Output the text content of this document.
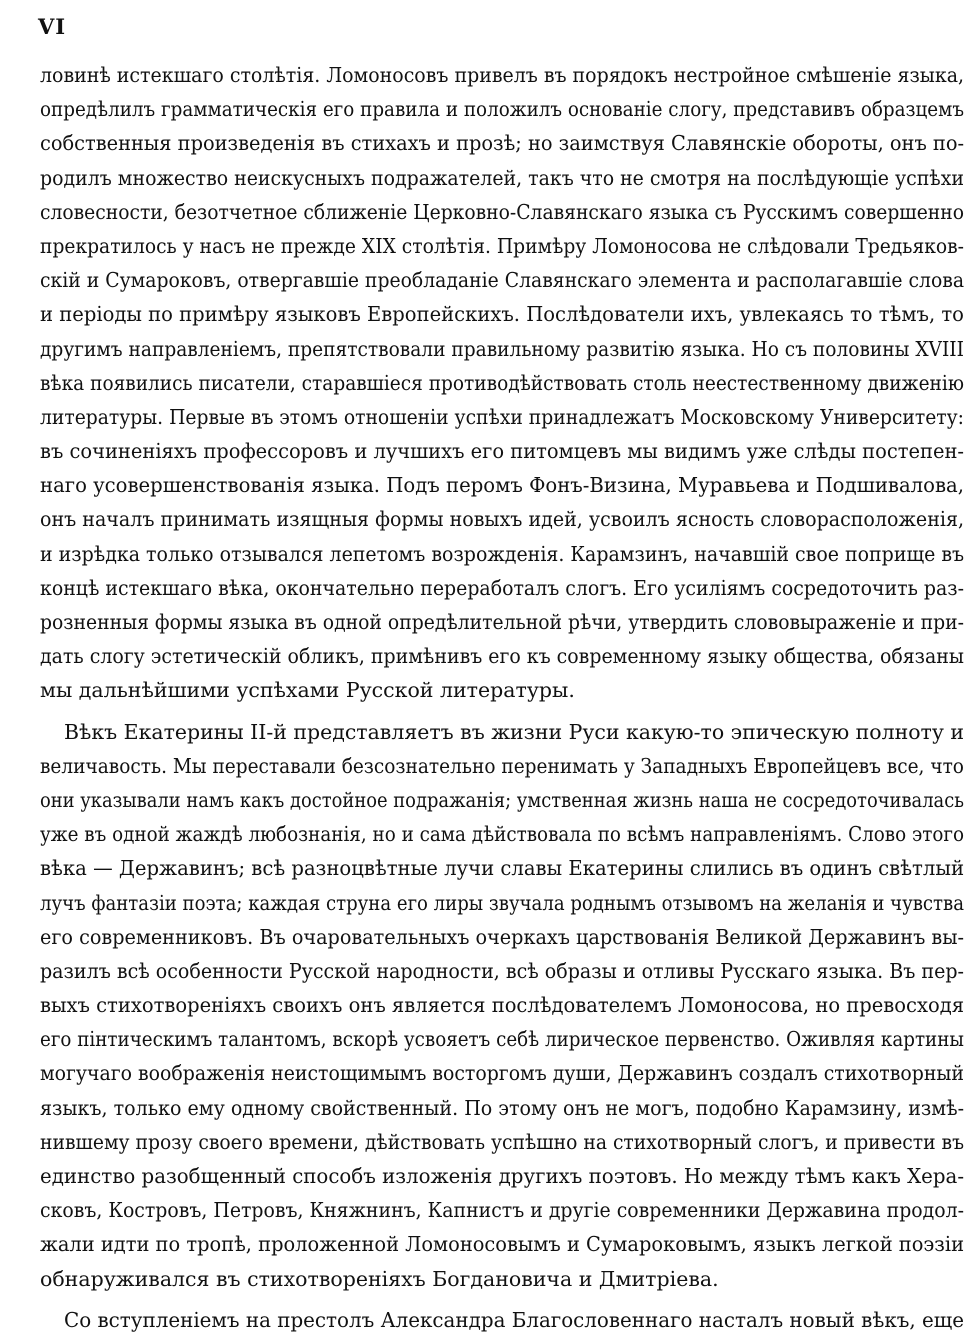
VI
ловинѣ истекшаго столѣтія. Ломоносовъ привелъ въ порядокъ нестройное смѣшеніе языка,
опредѣлилъ грамматическія его правила и положилъ основаніе слогу, представивъ образцемъ
собственныя произведенія въ стихахъ и прозѣ; но заимствуя Славянскіе обороты, онъ по-
родилъ множество неискусныхъ подражателей, такъ что не смотря на послѣдующіе успѣхи
словесности, безотчетное сближеніе Церковно-Славянскаго языка съ Русскимъ совершенно
прекратилось у насъ не прежде XIX столѣтія. Примѣру Ломоносова не слѣдовали Тредьяков-
скій и Сумароковъ, отвергавшіе преобладаніе Славянскаго элемента и располагавшіе слова
и періоды по примѣру языковъ Европейскихъ. Послѣдователи ихъ, увлекаясь то тѣмъ, то
другимъ направленіемъ, препятствовали правильному развитію языка. Но съ половины XVIII
вѣка появились писатели, старавшіеся противодѣйствовать столь неестественному движенію
литературы. Первые въ этомъ отношеніи успѣхи принадлежатъ Московскому Университету:
въ сочиненіяхъ профессоровъ и лучшихъ его питомцевъ мы видимъ уже слѣды постепен-
наго усовершенствованія языка. Подъ перомъ Фонъ-Визина, Муравьева и Подшивалова,
онъ началъ принимать изящныя формы новыхъ идей, усвоилъ ясность словорасположенія,
и изрѣдка только отзывался лепетомъ возрожденія. Карамзинъ, начавшій свое поприще въ
концѣ истекшаго вѣка, окончательно переработалъ слогъ. Его усиліямъ сосредоточить раз-
розненныя формы языка въ одной опредѣлительной рѣчи, утвердить слововыраженіе и при-
дать слогу эстетическій обликъ, примѣнивъ его къ современному языку общества, обязаны
мы дальнѣйшими успѣхами Русской литературы.
Вѣкъ Екатерины II-й представляетъ въ жизни Руси какую-то эпическую полноту и
величавость. Мы переставали безсознательно перенимать у Западныхъ Европейцевъ все, что
они указывали намъ какъ достойное подражанія; умственная жизнь наша не сосредоточивалась
уже въ одной жаждѣ любознанія, но и сама дѣйствовала по всѣмъ направленіямъ. Слово этого
вѣка — Державинъ; всѣ разноцвѣтные лучи славы Екатерины слились въ одинъ свѣтлый
лучъ фантазіи поэта; каждая струна его лиры звучала роднымъ отзывомъ на желанія и чувства
его современниковъ. Въ очаровательныхъ очеркахъ царствованія Великой Державинъ вы-
разилъ всѣ особенности Русской народности, всѣ образы и отливы Русскаго языка. Въ пер-
выхъ стихотвореніяхъ своихъ онъ является послѣдователемъ Ломоносова, но превосходя
его пінтическимъ талантомъ, вскорѣ усвояетъ себѣ лирическое первенство. Оживляя картины
могучаго воображенія неистощимымъ восторгомъ души, Державинъ создалъ стихотворный
языкъ, только ему одному свойственный. По этому онъ не могъ, подобно Карамзину, измѣ-
нившему прозу своего времени, дѣйствовать успѣшно на стихотворный слогъ, и привести въ
единство разобщенный способъ изложенія другихъ поэтовъ. Но между тѣмъ какъ Хера-
сковъ, Костровъ, Петровъ, Княжнинъ, Капнистъ и другіе современники Державина продол-
жали идти по тропѣ, проложенной Ломоносовымъ и Сумароковымъ, языкъ легкой поэзіи
обнаруживался въ стихотвореніяхъ Богдановича и Дмитріева.
Со вступленіемъ на престолъ Александра Благословеннаго насталъ новый вѣкъ, еще
